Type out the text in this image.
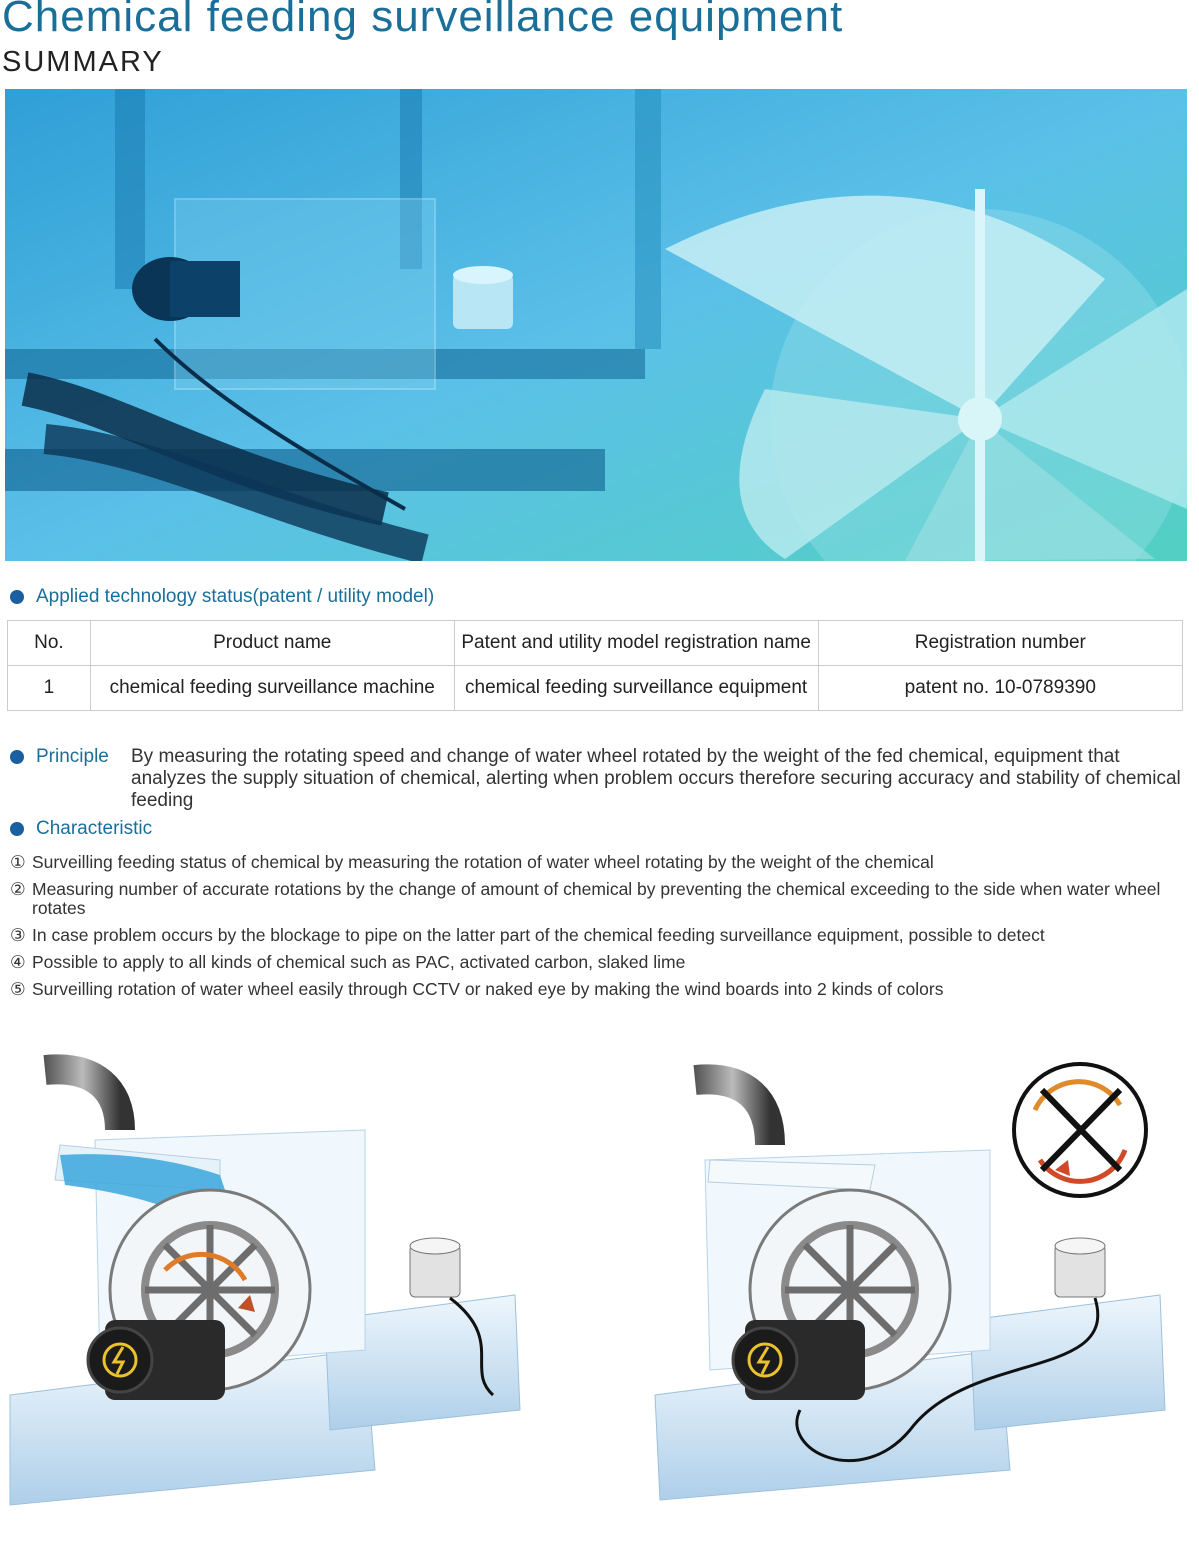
Chemical feeding surveillance equipment
SUMMARY
Applied technology status(patent / utility model)
No.	Product name	Patent and utility model registration name	Registration number
1	chemical feeding surveillance machine	chemical feeding surveillance equipment	patent no. 10-0789390
Principle By measuring the rotating speed and change of water wheel rotated by the weight of the fed chemical, equipment that analyzes the supply situation of chemical, alerting when problem occurs therefore securing accuracy and stability of chemical feeding

Characteristic
① Surveilling feeding status of chemical by measuring the rotation of water wheel rotating by the weight of the chemical
② Measuring number of accurate rotations by the change of amount of chemical by preventing the chemical exceeding to the side when water wheel rotates
③ In case problem occurs by the blockage to pipe on the latter part of the chemical feeding surveillance equipment, possible to detect
④ Possible to apply to all kinds of chemical such as PAC, activated carbon, slaked lime
⑤ Surveilling rotation of water wheel easily through CCTV or naked eye by making the wind boards into 2 kinds of colors
